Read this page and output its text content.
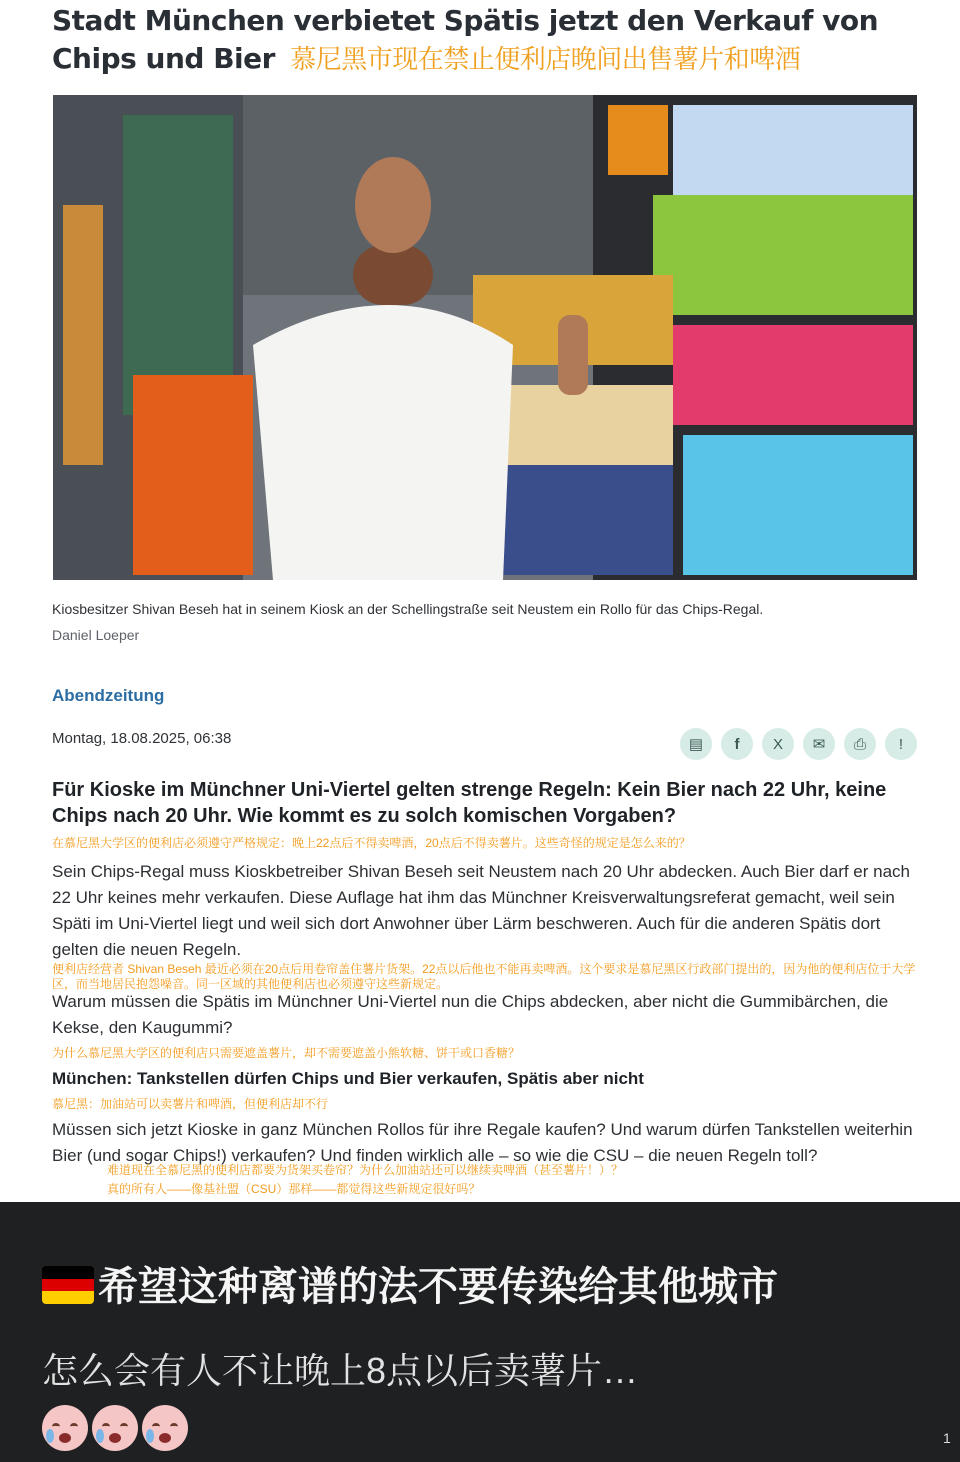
Stadt München verbietet Spätis jetzt den Verkauf von Chips und Bier 慕尼黑市现在禁止便利店晚间出售薯片和啤酒
Kiosbesitzer Shivan Beseh hat in seinem Kiosk an der Schellingstraße seit Neustem ein Rollo für das Chips-Regal.
Daniel Loeper
Abendzeitung
Montag, 18.08.2025, 06:38	▤	f	X	✉	⎙	!
Für Kioske im Münchner Uni-Viertel gelten strenge Regeln: Kein Bier nach 22 Uhr, keine Chips nach 20 Uhr. Wie kommt es zu solch komischen Vorgaben?
在慕尼黑大学区的便利店必须遵守严格规定：晚上22点后不得卖啤酒，20点后不得卖薯片。这些奇怪的规定是怎么来的？
Sein Chips-Regal muss Kioskbetreiber Shivan Beseh seit Neustem nach 20 Uhr abdecken. Auch Bier darf er nach 22 Uhr keines mehr verkaufen. Diese Auflage hat ihm das Münchner Kreisverwaltungsreferat gemacht, weil sein Späti im Uni-Viertel liegt und weil sich dort Anwohner über Lärm beschweren. Auch für die anderen Spätis dort gelten die neuen Regeln.
便利店经营者 Shivan Beseh 最近必须在20点后用卷帘盖住薯片货架。22点以后他也不能再卖啤酒。这个要求是慕尼黑区行政部门提出的，因为他的便利店位于大学区，而当地居民抱怨噪音。同一区域的其他便利店也必须遵守这些新规定。
Warum müssen die Spätis im Münchner Uni-Viertel nun die Chips abdecken, aber nicht die Gummibärchen, die Kekse, den Kaugummi?
为什么慕尼黑大学区的便利店只需要遮盖薯片，却不需要遮盖小熊软糖、饼干或口香糖？
München: Tankstellen dürfen Chips und Bier verkaufen, Spätis aber nicht
慕尼黑：加油站可以卖薯片和啤酒，但便利店却不行
Müssen sich jetzt Kioske in ganz München Rollos für ihre Regale kaufen? Und warum dürfen Tankstellen weiterhin Bier (und sogar Chips!) verkaufen? Und finden wirklich alle – so wie die CSU – die neuen Regeln toll?
难道现在全慕尼黑的便利店都要为货架买卷帘？为什么加油站还可以继续卖啤酒（甚至薯片！）？
真的所有人——像基社盟（CSU）那样——都觉得这些新规定很好吗？
希望这种离谱的法不要传染给其他城市
怎么会有人不让晚上8点以后卖薯片…
1
